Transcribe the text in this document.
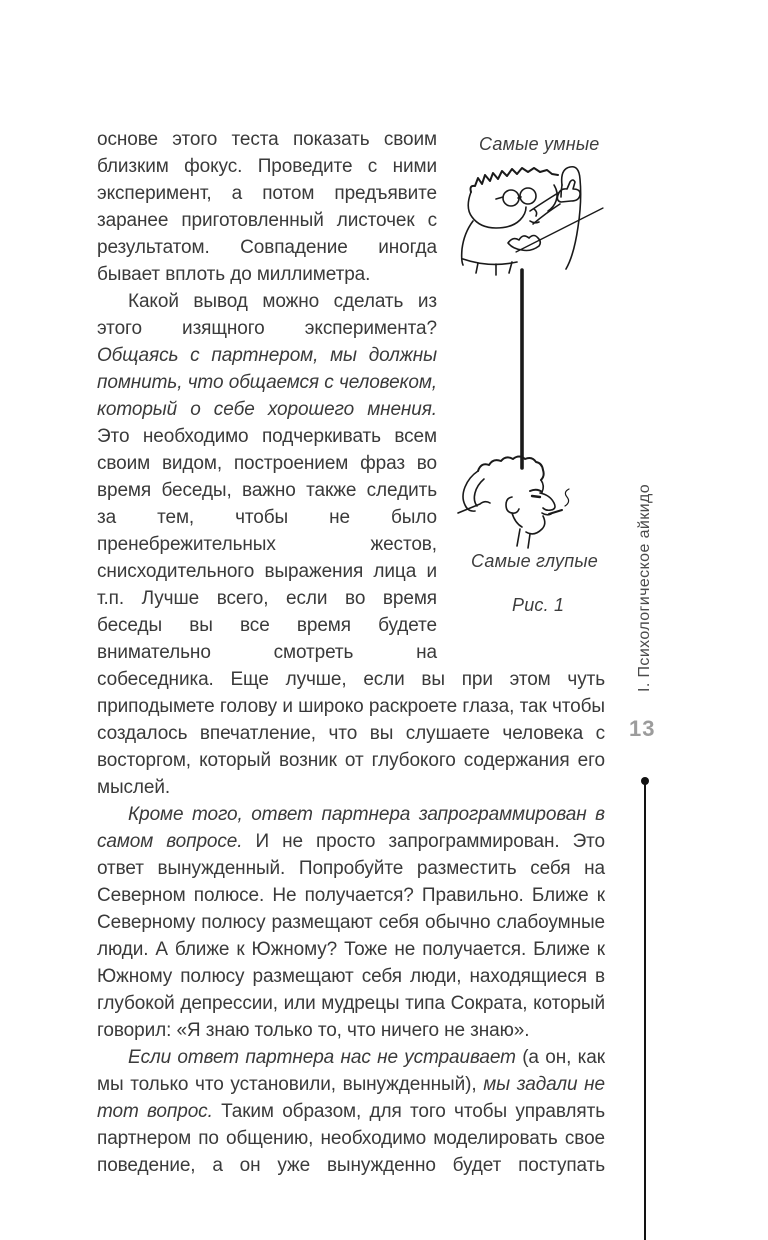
основе этого теста показать своим близким фокус. Проведите с ними эксперимент, а потом предъявите заранее приготовленный листочек с результатом. Совпадение иногда бывает вплоть до миллиметра.

Какой вывод можно сделать из этого изящного эксперимента? Общаясь с партнером, мы должны помнить, что общаемся с человеком, который о себе хорошего мнения. Это необходимо подчеркивать всем своим видом, построением фраз во время беседы, важно также следить за тем, чтобы не было пренебрежительных жестов, снисходительного выражения лица и т.п. Лучше всего, если во время беседы вы все время будете внимательно смотреть на собеседника. Еще лучше, если вы при этом чуть приподымете голову и широко раскроете глаза, так чтобы создалось впечатление, что вы слушаете человека с восторгом, который возник от глубокого содержания его мыслей.

Кроме того, ответ партнера запрограммирован в самом вопросе. И не просто запрограммирован. Это ответ вынужденный. Попробуйте разместить себя на Северном полюсе. Не получается? Правильно. Ближе к Северному полюсу размещают себя обычно слабоумные люди. А ближе к Южному? Тоже не получается. Ближе к Южному полюсу размещают себя люди, находящиеся в глубокой депрессии, или мудрецы типа Сократа, который говорил: «Я знаю только то, что ничего не знаю».

Если ответ партнера нас не устраивает (а он, как мы только что установили, вынужденный), мы задали не тот вопрос. Таким образом, для того чтобы управлять партнером по общению, необходимо моделировать свое поведение, а он уже вынужденно будет поступать

Самые умные
Самые глупые
Рис. 1	I. Психологическое айкидо
13
